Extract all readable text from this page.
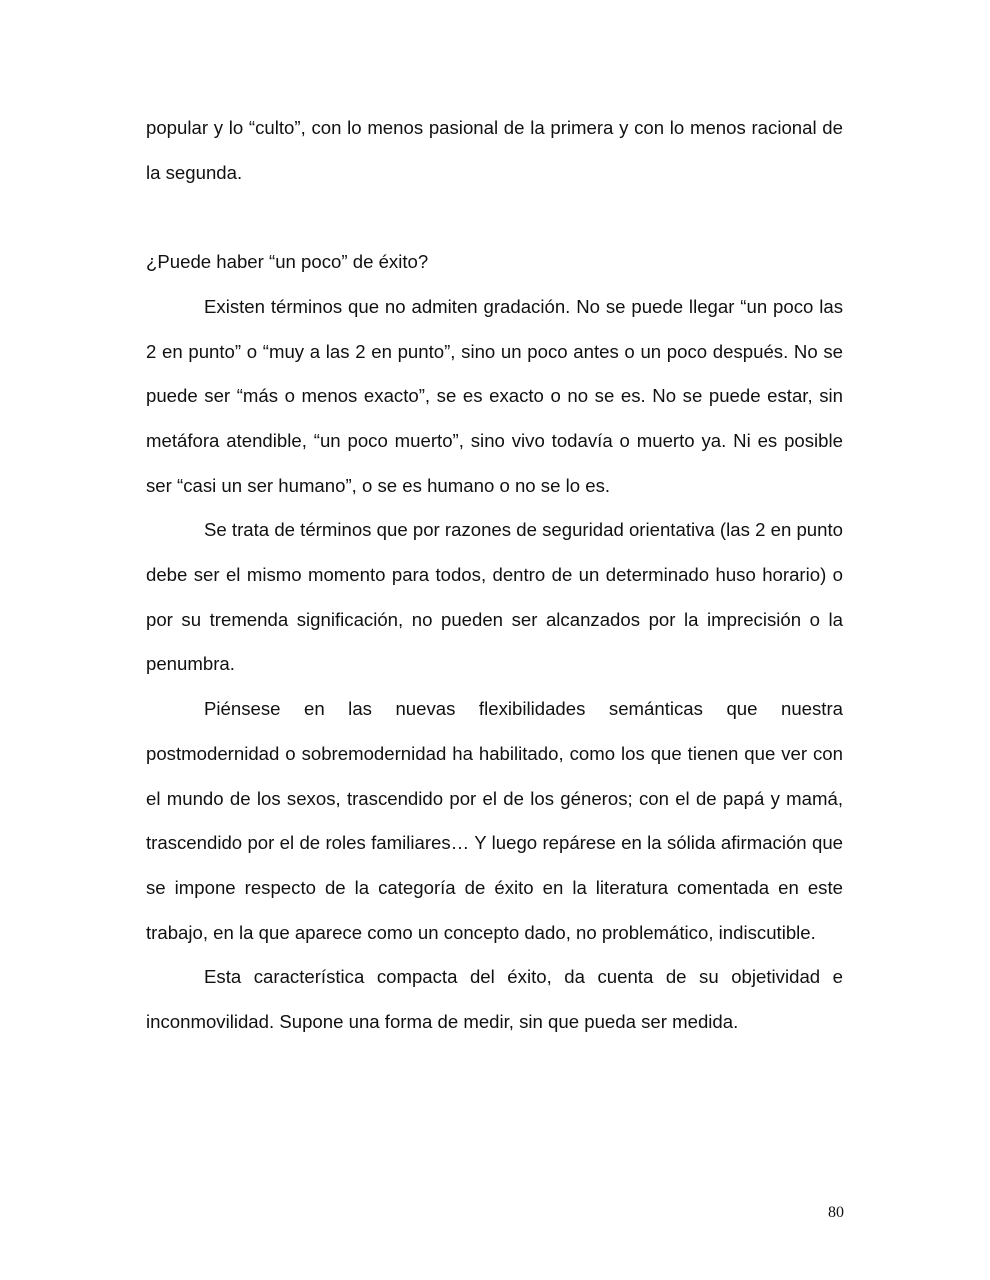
popular y lo “culto”, con lo menos pasional de la primera y con lo menos racional de la segunda.

¿Puede haber “un poco” de éxito?

Existen términos que no admiten gradación. No se puede llegar “un poco las 2 en punto” o “muy a las 2 en punto”, sino un poco antes o un poco después. No se puede ser “más o menos exacto”, se es exacto o no se es. No se puede estar, sin metáfora atendible, “un poco muerto”, sino vivo todavía o muerto ya. Ni es posible ser “casi un ser humano”, o se es humano o no se lo es.

Se trata de términos que por razones de seguridad orientativa (las 2 en punto debe ser el mismo momento para todos, dentro de un determinado huso horario) o por su tremenda significación, no pueden ser alcanzados por la imprecisión o la penumbra.

Piénsese en las nuevas flexibilidades semánticas que nuestra postmodernidad o sobremodernidad ha habilitado, como los que tienen que ver con el mundo de los sexos, trascendido por el de los géneros; con el de papá y mamá, trascendido por el de roles familiares… Y luego repárese en la sólida afirmación que se impone respecto de la categoría de éxito en la literatura comentada en este trabajo, en la que aparece como un concepto dado, no problemático, indiscutible.

Esta característica compacta del éxito, da cuenta de su objetividad e inconmovilidad. Supone una forma de medir, sin que pueda ser medida.

80
